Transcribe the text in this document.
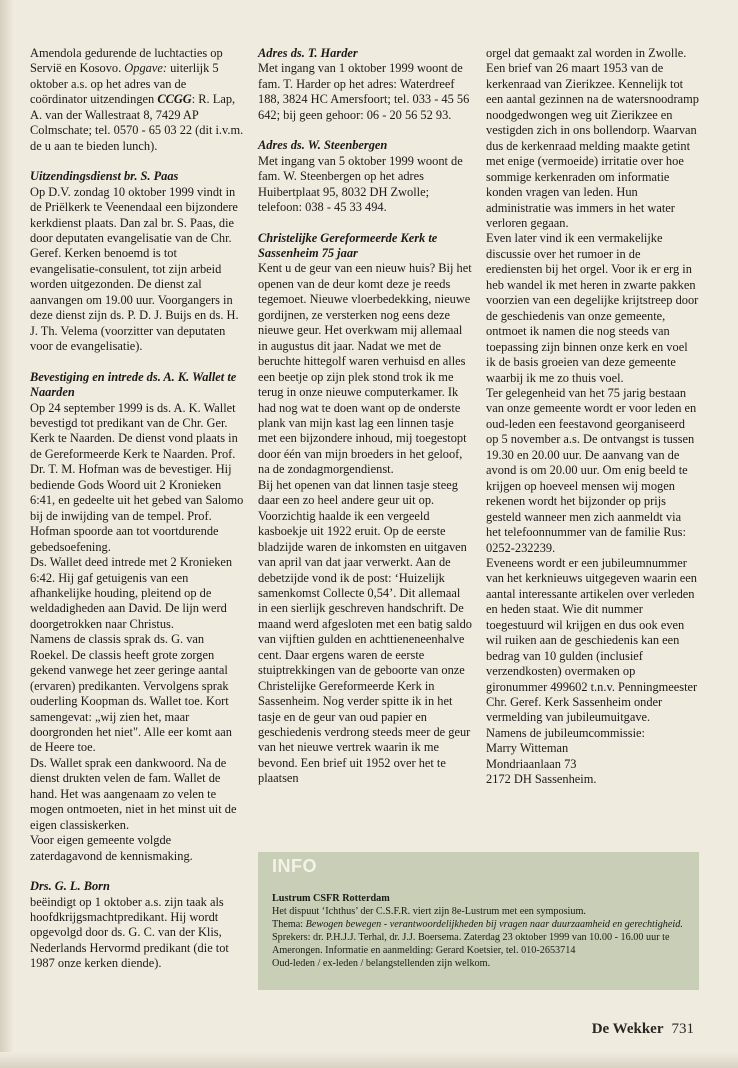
Amendola gedurende de luchtacties op Servië en Kosovo. Opgave: uiterlijk 5 oktober a.s. op het adres van de coördinator uitzendingen CCGG: R. Lap, A. van der Wallestraat 8, 7429 AP Colmschate; tel. 0570 - 65 03 22 (dit i.v.m. de u aan te bieden lunch).

Uitzendingsdienst br. S. Paas

Op D.V. zondag 10 oktober 1999 vindt in de Priëlkerk te Veenendaal een bijzondere kerkdienst plaats. Dan zal br. S. Paas, die door deputaten evangelisatie van de Chr. Geref. Kerken benoemd is tot evangelisatie-consulent, tot zijn arbeid worden uitgezonden. De dienst zal aanvangen om 19.00 uur. Voorgangers in deze dienst zijn ds. P. D. J. Buijs en ds. H. J. Th. Velema (voorzitter van deputaten voor de evangelisatie).

Bevestiging en intrede ds. A. K. Wallet te Naarden

Op 24 september 1999 is ds. A. K. Wallet bevestigd tot predikant van de Chr. Ger. Kerk te Naarden. De dienst vond plaats in de Gereformeerde Kerk te Naarden. Prof. Dr. T. M. Hofman was de bevestiger. Hij bediende Gods Woord uit 2 Kronieken 6:41, en gedeelte uit het gebed van Salomo bij de inwijding van de tempel. Prof. Hofman spoorde aan tot voortdurende gebedsoefening.

Ds. Wallet deed intrede met 2 Kronieken 6:42. Hij gaf getuigenis van een afhankelijke houding, pleitend op de weldadigheden aan David. De lijn werd doorgetrokken naar Christus.

Namens de classis sprak ds. G. van Roekel. De classis heeft grote zorgen gekend vanwege het zeer geringe aantal (ervaren) predikanten. Vervolgens sprak ouderling Koopman ds. Wallet toe. Kort samengevat: „wij zien het, maar doorgronden het niet". Alle eer komt aan de Heere toe.

Ds. Wallet sprak een dankwoord. Na de dienst drukten velen de fam. Wallet de hand. Het was aangenaam zo velen te mogen ontmoeten, niet in het minst uit de eigen classiskerken.

Voor eigen gemeente volgde zaterdagavond de kennismaking.

Drs. G. L. Born

beëindigt op 1 oktober a.s. zijn taak als hoofdkrijgsmachtpredikant. Hij wordt opgevolgd door ds. G. C. van der Klis, Nederlands Hervormd predikant (die tot 1987 onze kerken diende).

Adres ds. T. Harder

Met ingang van 1 oktober 1999 woont de fam. T. Harder op het adres: Waterdreef 188, 3824 HC Amersfoort; tel. 033 - 45 56 642; bij geen gehoor: 06 - 20 56 52 93.

Adres ds. W. Steenbergen

Met ingang van 5 oktober 1999 woont de fam. W. Steenbergen op het adres Huibertplaat 95, 8032 DH Zwolle; telefoon: 038 - 45 33 494.

Christelijke Gereformeerde Kerk te Sassenheim 75 jaar

Kent u de geur van een nieuw huis? Bij het openen van de deur komt deze je reeds tegemoet. Nieuwe vloerbedekking, nieuwe gordijnen, ze versterken nog eens deze nieuwe geur. Het overkwam mij allemaal in augustus dit jaar. Nadat we met de beruchte hittegolf waren verhuisd en alles een beetje op zijn plek stond trok ik me terug in onze nieuwe computerkamer. Ik had nog wat te doen want op de onderste plank van mijn kast lag een linnen tasje met een bijzondere inhoud, mij toegestopt door één van mijn broeders in het geloof, na de zondagmorgendienst.

Bij het openen van dat linnen tasje steeg daar een zo heel andere geur uit op.

Voorzichtig haalde ik een vergeeld kasboekje uit 1922 eruit. Op de eerste bladzijde waren de inkomsten en uitgaven van april van dat jaar verwerkt. Aan de debetzijde vond ik de post: ‘Huizelijk samenkomst Collecte 0,54’. Dit allemaal in een sierlijk geschreven handschrift. De maand werd afgesloten met een batig saldo van vijftien gulden en achttieneneenhalve cent. Daar ergens waren de eerste stuiptrekkingen van de geboorte van onze Christelijke Gereformeerde Kerk in Sassenheim. Nog verder spitte ik in het tasje en de geur van oud papier en geschiedenis verdrong steeds meer de geur van het nieuwe vertrek waarin ik me bevond. Een brief uit 1952 over het te plaatsen

orgel dat gemaakt zal worden in Zwolle.

Een brief van 26 maart 1953 van de kerkenraad van Zierikzee. Kennelijk tot een aantal gezinnen na de watersnoodramp noodgedwongen weg uit Zierikzee en vestigden zich in ons bollendorp. Waarvan dus de kerkenraad melding maakte getint met enige (vermoeide) irritatie over hoe sommige kerkenraden om informatie konden vragen van leden. Hun administratie was immers in het water verloren gegaan.

Even later vind ik een vermakelijke discussie over het rumoer in de erediensten bij het orgel. Voor ik er erg in heb wandel ik met heren in zwarte pakken voorzien van een degelijke krijtstreep door de geschiedenis van onze gemeente, ontmoet ik namen die nog steeds van toepassing zijn binnen onze kerk en voel ik de basis groeien van deze gemeente waarbij ik me zo thuis voel.

Ter gelegenheid van het 75 jarig bestaan van onze gemeente wordt er voor leden en oud-leden een feestavond georganiseerd op 5 november a.s. De ontvangst is tussen 19.30 en 20.00 uur. De aanvang van de avond is om 20.00 uur. Om enig beeld te krijgen op hoeveel mensen wij mogen rekenen wordt het bijzonder op prijs gesteld wanneer men zich aanmeldt via het telefoonnummer van de familie Rus: 0252-232239.

Eveneens wordt er een jubileumnummer van het kerknieuws uitgegeven waarin een aantal interessante artikelen over verleden en heden staat. Wie dit nummer toegestuurd wil krijgen en dus ook even wil ruiken aan de geschiedenis kan een bedrag van 10 gulden (inclusief verzendkosten) overmaken op gironummer 499602 t.n.v. Penningmeester Chr. Geref. Kerk Sassenheim onder vermelding van jubileumuitgave.

Namens de jubileumcommissie:

Marry Witteman

Mondriaanlaan 73

2172 DH Sassenheim.

INFO

Lustrum CSFR Rotterdam

Het dispuut ‘Ichthus’ der C.S.F.R. viert zijn 8e-Lustrum met een symposium.

Thema: Bewogen bewegen - verantwoordelijkheden bij vragen naar duurzaamheid en gerechtigheid. Sprekers: dr. P.H.J.J. Terhal, dr. J.J. Boersema. Zaterdag 23 oktober 1999 van 10.00 - 16.00 uur te Amerongen. Informatie en aanmelding: Gerard Koetsier, tel. 010-2653714

Oud-leden / ex-leden / belangstellenden zijn welkom.

De Wekker 731
